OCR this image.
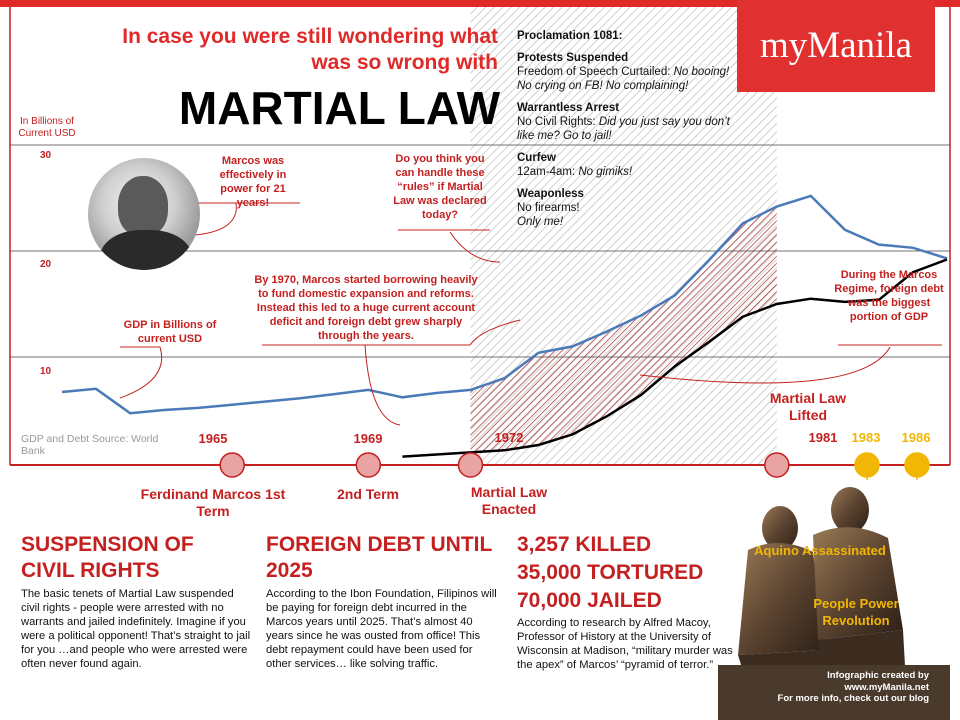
myManila
In case you were still wondering what was so wrong with
MARTIAL LAW
In Billions of Current USD
30
20
10
Marcos was effectively in power for 21 years!
Do you think you can handle these “rules” if Martial Law was declared today?
GDP in Billions of current USD
By 1970, Marcos started borrowing heavily to fund domestic expansion and reforms. Instead this led to a huge current account deficit and foreign debt grew sharply through the years.
During the Marcos Regime, foreign debt was the biggest portion of GDP
GDP and Debt Source: World Bank

Proclamation 1081:

Protests Suspended
Freedom of Speech Curtailed: No booing! No crying on FB! No complaining!

Warrantless Arrest
No Civil Rights: Did you just say you don’t like me? Go to jail!

Curfew
12am-4am: No gimiks!

Weaponless
No firearms!
Only me!

1965	1969	1972	1981	1983	1986
Ferdinand Marcos 1st Term
2nd Term	Martial Law Enacted
Martial Law Lifted
Aquino Assassinated
People Power Revolution
SUSPENSION OF CIVIL RIGHTS
The basic tenets of Martial Law suspended civil rights - people were arrested with no warrants and jailed indefinitely. Imagine if you were a political opponent! That’s straight to jail for you …and people who were arrested were often never found again.
FOREIGN DEBT UNTIL 2025
According to the Ibon Foundation, Filipinos will be paying for foreign debt incurred in the Marcos years until 2025. That’s almost 40 years since he was ousted from office! This debt repayment could have been used for other services… like solving traffic.
3,257 KILLED
35,000 TORTURED
70,000 JAILED
According to research by Alfred Macoy, Professor of History at the University of Wisconsin at Madison, “military murder was the apex” of Marcos’ “pyramid of terror.”
Infographic created by
www.myManila.net
For more info, check out our blog
